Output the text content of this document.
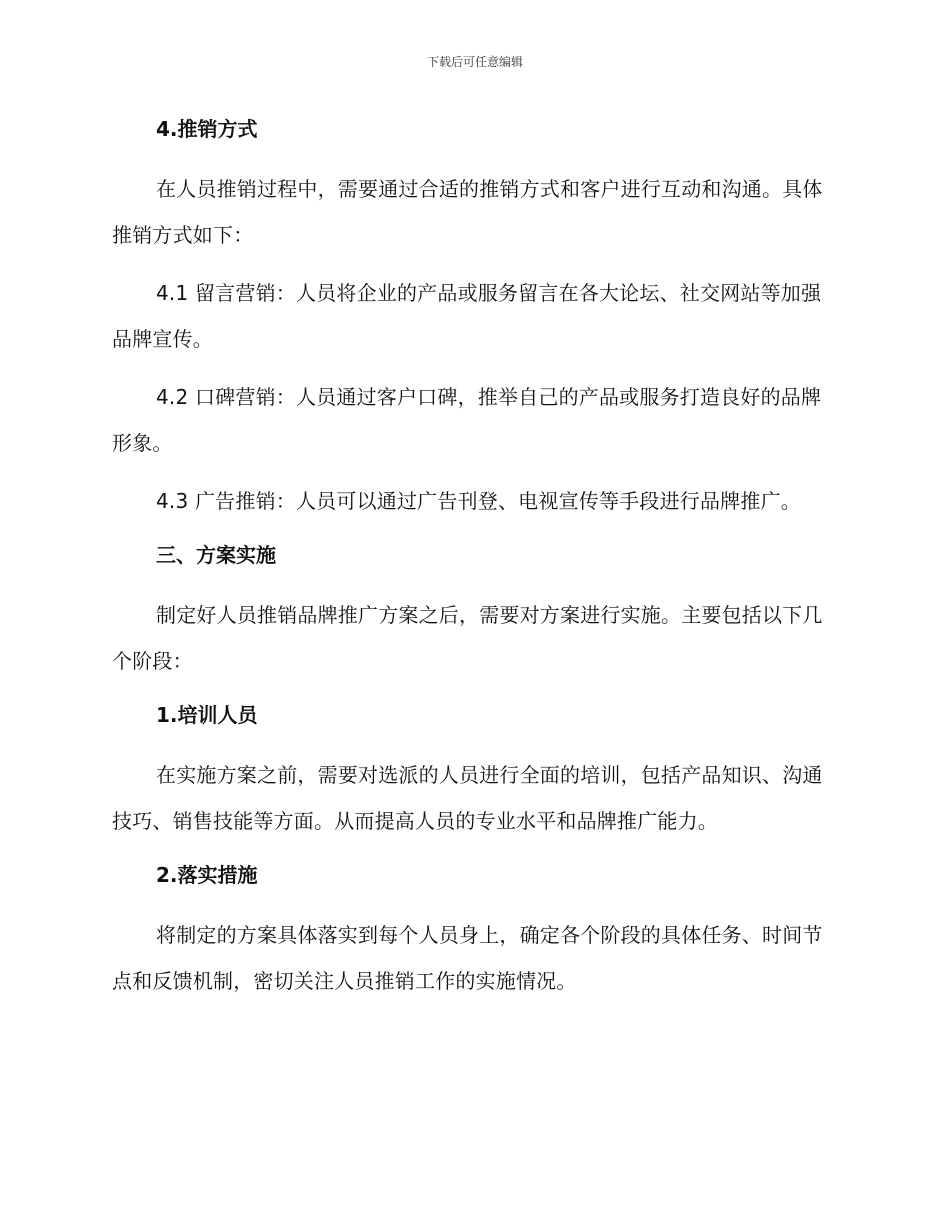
下载后可任意编辑
4.推销方式
在人员推销过程中，需要通过合适的推销方式和客户进行互动和沟通。具体推销方式如下：
4.1 留言营销：人员将企业的产品或服务留言在各大论坛、社交网站等加强品牌宣传。
4.2 口碑营销：人员通过客户口碑，推举自己的产品或服务打造良好的品牌形象。
4.3 广告推销：人员可以通过广告刊登、电视宣传等手段进行品牌推广。
三、方案实施
制定好人员推销品牌推广方案之后，需要对方案进行实施。主要包括以下几个阶段：
1.培训人员
在实施方案之前，需要对选派的人员进行全面的培训，包括产品知识、沟通技巧、销售技能等方面。从而提高人员的专业水平和品牌推广能力。
2.落实措施
将制定的方案具体落实到每个人员身上，确定各个阶段的具体任务、时间节点和反馈机制，密切关注人员推销工作的实施情况。
